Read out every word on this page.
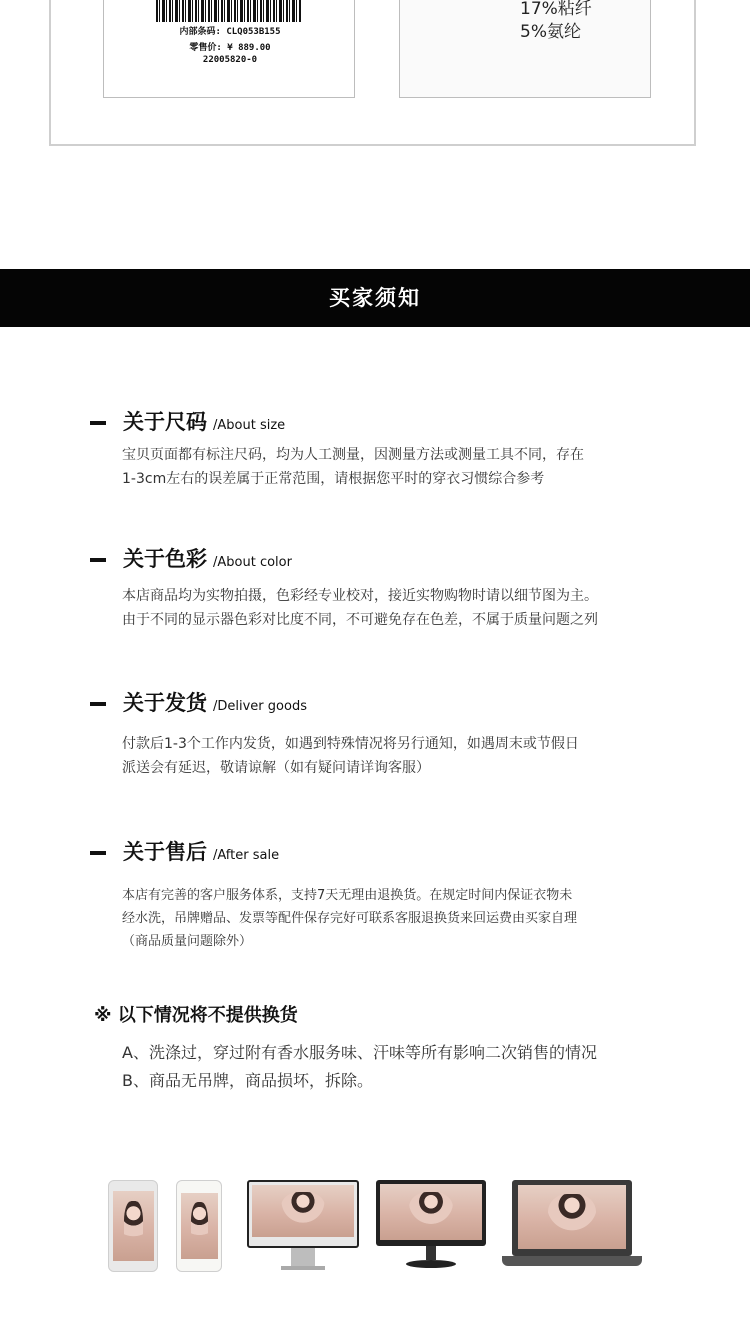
内部条码: CLQ053B155
零售价: ¥ 889.00
22005820-0
17%粘纤
5%氨纶
买家须知
关于尺码 /About size
宝贝页面都有标注尺码，均为人工测量，因测量方法或测量工具不同，存在
1-3cm左右的误差属于正常范围，请根据您平时的穿衣习惯综合参考
关于色彩 /About color
本店商品均为实物拍摄，色彩经专业校对，接近实物购物时请以细节图为主。
由于不同的显示器色彩对比度不同，不可避免存在色差，不属于质量问题之列
关于发货 /Deliver goods
付款后1-3个工作内发货，如遇到特殊情况将另行通知，如遇周末或节假日
派送会有延迟，敬请谅解（如有疑问请详询客服）
关于售后 /After sale
本店有完善的客户服务体系，支持7天无理由退换货。在规定时间内保证衣物未
经水洗，吊牌赠品、发票等配件保存完好可联系客服退换货来回运费由买家自理
（商品质量问题除外）
※ 以下情况将不提供换货
A、洗涤过，穿过附有香水服务味、汗味等所有影响二次销售的情况
B、商品无吊牌，商品损坏，拆除。
